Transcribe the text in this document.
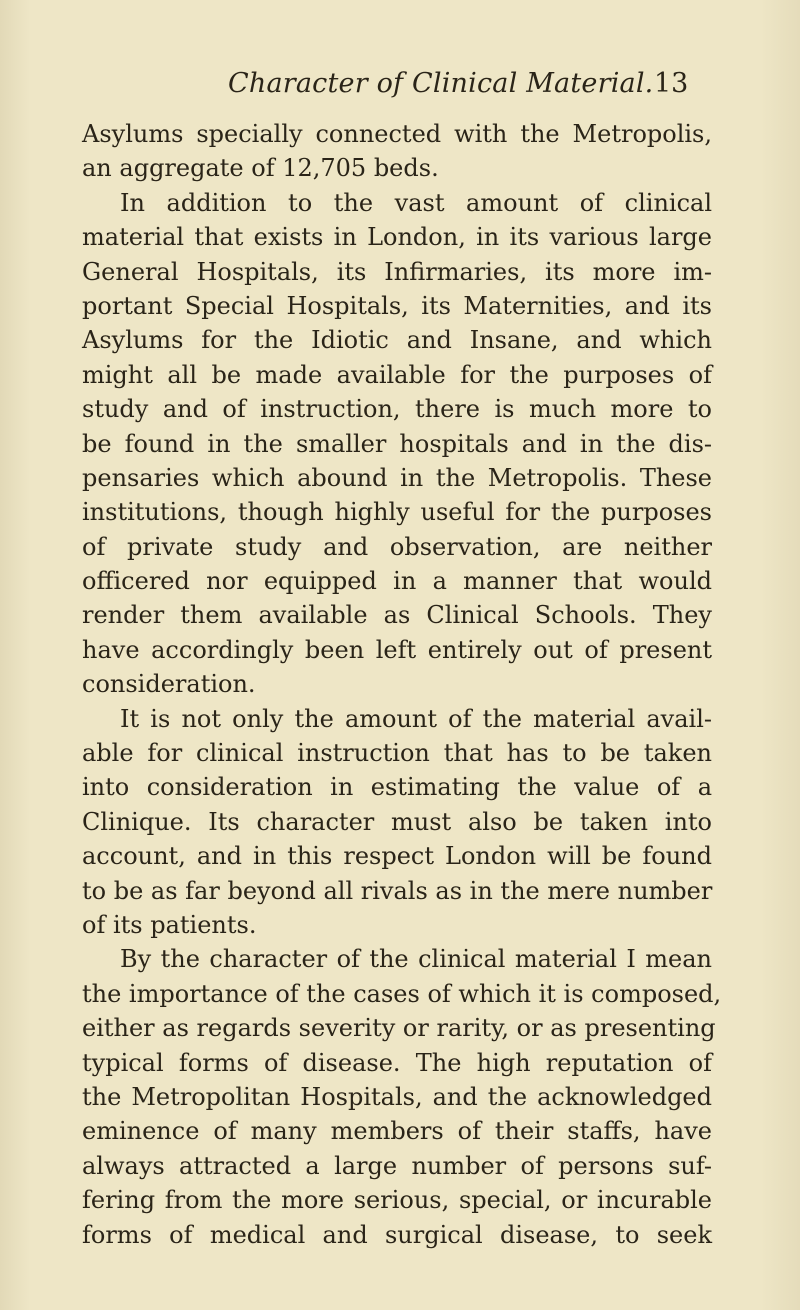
Character of Clinical Material. 13
Asylums specially connected with the Metropolis,
an aggregate of 12,705 beds.
In addition to the vast amount of clinical
material that exists in London, in its various large
General Hospitals, its Infirmaries, its more im-
portant Special Hospitals, its Maternities, and its
Asylums for the Idiotic and Insane, and which
might all be made available for the purposes of
study and of instruction, there is much more to
be found in the smaller hospitals and in the dis-
pensaries which abound in the Metropolis. These
institutions, though highly useful for the purposes
of private study and observation, are neither
officered nor equipped in a manner that would
render them available as Clinical Schools. They
have accordingly been left entirely out of present
consideration.
It is not only the amount of the material avail-
able for clinical instruction that has to be taken
into consideration in estimating the value of a
Clinique. Its character must also be taken into
account, and in this respect London will be found
to be as far beyond all rivals as in the mere number
of its patients.
By the character of the clinical material I mean
the importance of the cases of which it is composed,
either as regards severity or rarity, or as presenting
typical forms of disease. The high reputation of
the Metropolitan Hospitals, and the acknowledged
eminence of many members of their staffs, have
always attracted a large number of persons suf-
fering from the more serious, special, or incurable
forms of medical and surgical disease, to seek
